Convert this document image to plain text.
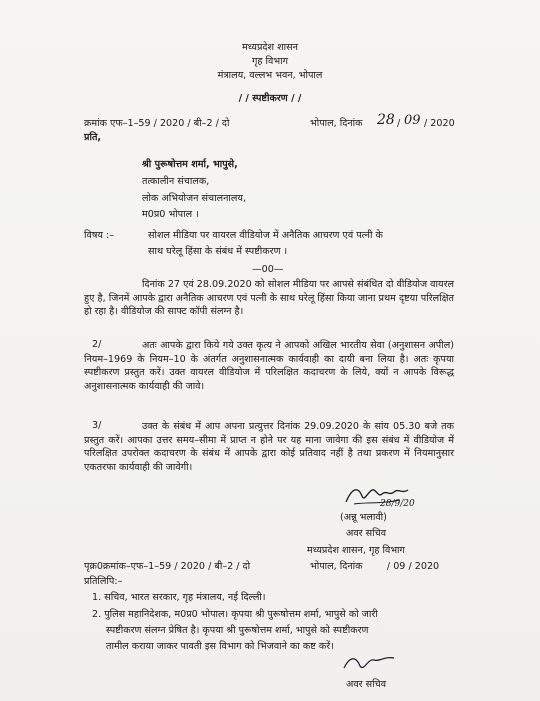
मध्यप्रदेश शासन
गृह विभाग
मंत्रालय, वल्लभ भवन, भोपाल
/ / स्पष्टीकरण / /
क्रमांक एफ–1–59 / 2020 / बी–2 / दो	भोपाल, दिनांक 28 / 09 / 2020
प्रति,
श्री पुरूषोत्तम शर्मा, भापुसे,
तत्कालीन संचालक,
लोक अभियोजन संचालनालय,
म0प्र0 भोपाल ।
विषय :–	सोशल मीडिया पर वायरल वीडियोज में अनैतिक आचरण एवं पत्नी के
साथ घरेलू हिंसा के संबंध में स्पष्टीकरण ।
—00—
दिनांक 27 एवं 28.09.2020 को सोशल मीडिया पर आपसे संबंधित दो वीडियोज वायरल हुए है, जिनमें आपके द्वारा अनैतिक आचरण एवं पत्नी के साथ घरेलू हिंसा किया जाना प्रथम दृष्टया परिलक्षित हो रहा है। वीडियोज की साफ्ट कॉपी संलग्न है।
2/	अतः आपके द्वारा किये गये उक्त कृत्य ने आपको अखिल भारतीय सेवा (अनुशासन अपील) नियम–1969 के नियम–10 के अंतर्गत अनुशासनात्मक कार्यवाही का दायी बना लिया है। अतः कृपया स्पष्टीकरण प्रस्तुत करें। उक्त वायरल वीडियोज में परिलक्षित कदाचरण के लिये, क्यों न आपके विरूद्ध अनुशासनात्मक कार्यवाही की जावे।
3/	उक्त के संबंध में आप अपना प्रत्युत्तर दिनांक 29.09.2020 के सांय 05.30 बजे तक प्रस्तुत करें। आपका उत्तर समय–सीमा में प्राप्त न होने पर यह माना जावेगा की इस संबंध में वीडियोज में परिलक्षित उपरोक्त कदाचरण के संबंध में आपके द्वारा कोई प्रतिवाद नहीं है तथा प्रकरण में नियमानुसार एकतरफा कार्यवाही की जावेगी।
28/9/20
(अन्नू भलावी)
अवर सचिव
मध्यप्रदेश शासन, गृह विभाग
पृक्र0क्रमांक–एफ–1–59 / 2020 / बी–2 / दो	भोपाल, दिनांक        / 09 / 2020
प्रतिलिपि:–
1. सचिव, भारत सरकार, गृह मंत्रालय, नई दिल्ली।
2. पुलिस महानिदेशक, म0प्र0 भोपाल। कृपया श्री पुरूषोत्तम शर्मा, भापुसे को जारी
स्पष्टीकरण संलग्न प्रेषित है। कृपया श्री पुरूषोत्तम शर्मा, भापुसे को स्पष्टीकरण
तामील कराया जाकर पावती इस विभाग को भिजवाने का कष्ट करें।
अवर सचिव
